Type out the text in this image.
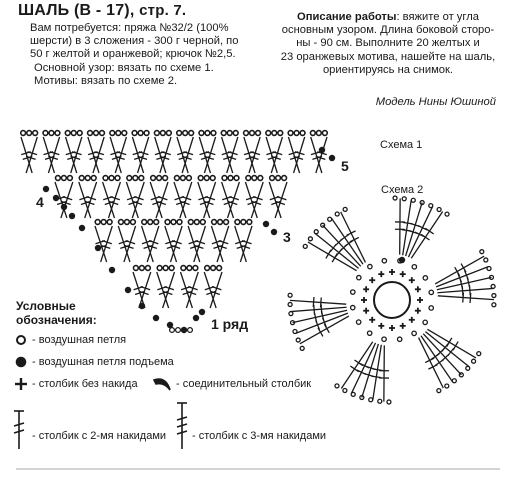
ШАЛЬ (В - 17), стр. 7.
Вам потребуется: пряжа №32/2 (100%
шерсти) в 3 сложения - 300 г черной, по
50 г желтой и оранжевой; крючок №2,5.
Основной узор: вязать по схеме 1.
Мотивы: вязать по схеме 2.
Описание работы: вяжите от угла
основным узором. Длина боковой сторо-
ны - 90 см. Выполните 20 желтых и
23 оранжевых мотива, нашейте на шаль,
ориентируясь на снимок.
Модель Нины Юшиной
Схема 1
Схема 2
4
5
3
1 ряд
Условные
обозначения:
- воздушная петля
- воздушная петля подъема
- столбик без накида	- соединительный столбик
- столбик с 2-мя накидами - столбик с 3-мя накидами
